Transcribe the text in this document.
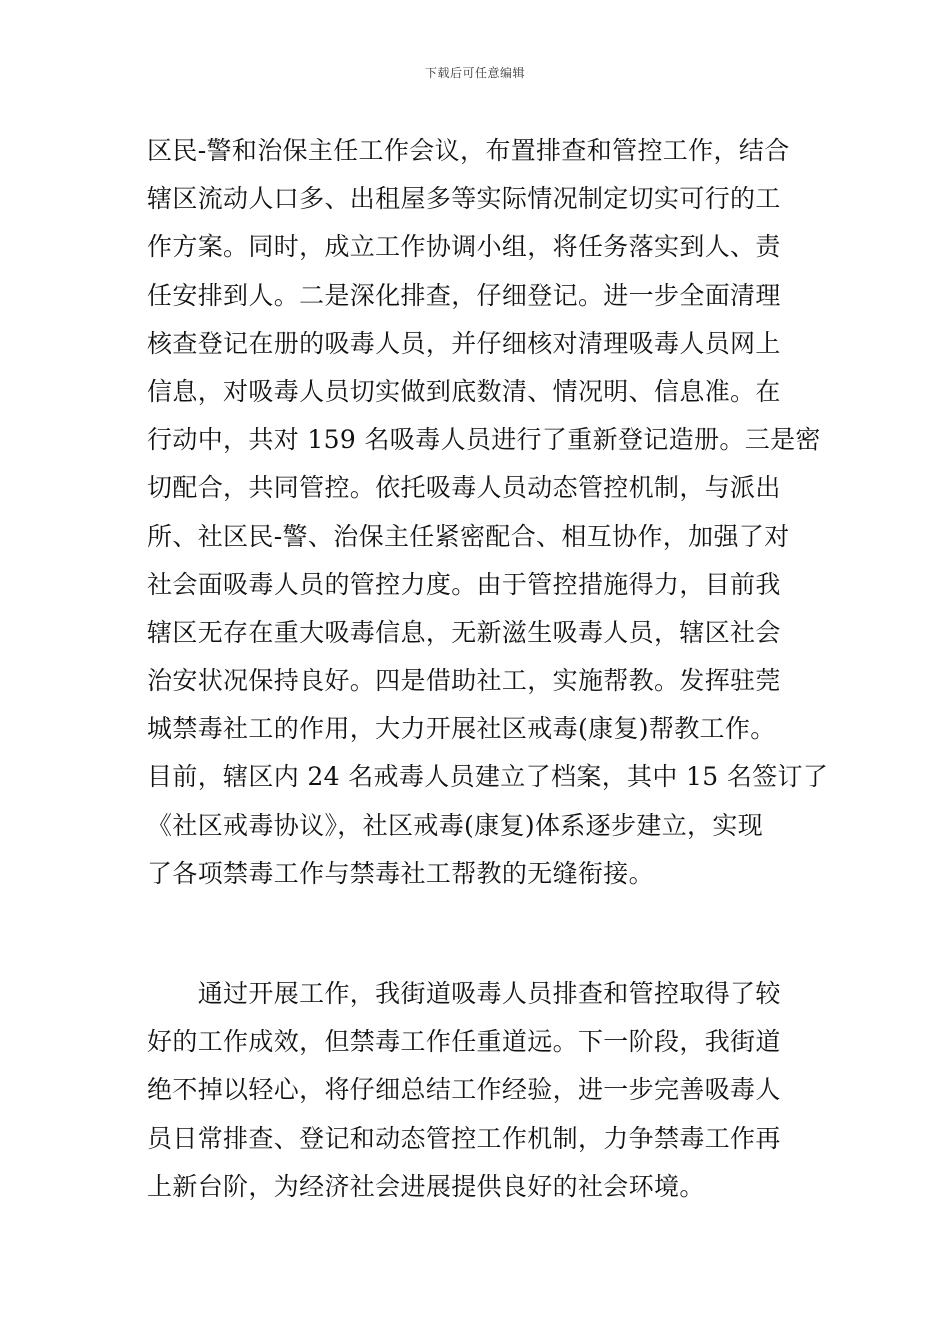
下载后可任意编辑
区民-警和治保主任工作会议，布置排查和管控工作，结合
辖区流动人口多、出租屋多等实际情况制定切实可行的工
作方案。同时，成立工作协调小组，将任务落实到人、责
任安排到人。二是深化排查，仔细登记。进一步全面清理
核查登记在册的吸毒人员，并仔细核对清理吸毒人员网上
信息，对吸毒人员切实做到底数清、情况明、信息准。在
行动中，共对 159 名吸毒人员进行了重新登记造册。三是密
切配合，共同管控。依托吸毒人员动态管控机制，与派出
所、社区民-警、治保主任紧密配合、相互协作，加强了对
社会面吸毒人员的管控力度。由于管控措施得力，目前我
辖区无存在重大吸毒信息，无新滋生吸毒人员，辖区社会
治安状况保持良好。四是借助社工，实施帮教。发挥驻莞
城禁毒社工的作用，大力开展社区戒毒(康复)帮教工作。
目前，辖区内 24 名戒毒人员建立了档案，其中 15 名签订了
《社区戒毒协议》，社区戒毒(康复)体系逐步建立，实现
了各项禁毒工作与禁毒社工帮教的无缝衔接。
　　通过开展工作，我街道吸毒人员排查和管控取得了较
好的工作成效，但禁毒工作任重道远。下一阶段，我街道
绝不掉以轻心，将仔细总结工作经验，进一步完善吸毒人
员日常排查、登记和动态管控工作机制，力争禁毒工作再
上新台阶，为经济社会进展提供良好的社会环境。
